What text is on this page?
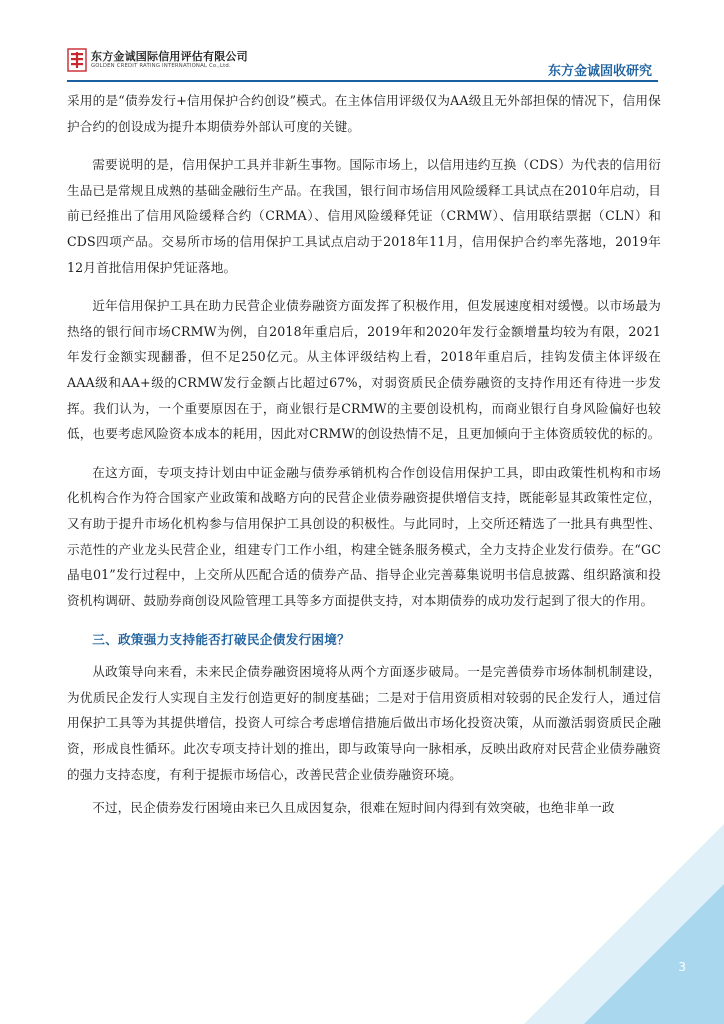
东方金诚国际信用评估有限公司
GOLDEN CREDIT RATING INTERNATIONAL Co.,Ltd.	东方金诚固收研究

采用的是“债券发行+信用保护合约创设”模式。在主体信用评级仅为AA级且无外部担保的情况下，信用保护合约的创设成为提升本期债券外部认可度的关键。

需要说明的是，信用保护工具并非新生事物。国际市场上，以信用违约互换（CDS）为代表的信用衍生品已是常规且成熟的基础金融衍生产品。在我国，银行间市场信用风险缓释工具试点在2010年启动，目前已经推出了信用风险缓释合约（CRMA）、信用风险缓释凭证（CRMW）、信用联结票据（CLN）和CDS四项产品。交易所市场的信用保护工具试点启动于2018年11月，信用保护合约率先落地，2019年12月首批信用保护凭证落地。

近年信用保护工具在助力民营企业债券融资方面发挥了积极作用，但发展速度相对缓慢。以市场最为热络的银行间市场CRMW为例，自2018年重启后，2019年和2020年发行金额增量均较为有限，2021年发行金额实现翻番，但不足250亿元。从主体评级结构上看，2018年重启后，挂钩发债主体评级在AAA级和AA+级的CRMW发行金额占比超过67%，对弱资质民企债券融资的支持作用还有待进一步发挥。我们认为，一个重要原因在于，商业银行是CRMW的主要创设机构，而商业银行自身风险偏好也较低，也要考虑风险资本成本的耗用，因此对CRMW的创设热情不足，且更加倾向于主体资质较优的标的。

在这方面，专项支持计划由中证金融与债券承销机构合作创设信用保护工具，即由政策性机构和市场化机构合作为符合国家产业政策和战略方向的民营企业债券融资提供增信支持，既能彰显其政策性定位，又有助于提升市场化机构参与信用保护工具创设的积极性。与此同时，上交所还精选了一批具有典型性、示范性的产业龙头民营企业，组建专门工作小组，构建全链条服务模式，全力支持企业发行债券。在“GC晶电01”发行过程中，上交所从匹配合适的债券产品、指导企业完善募集说明书信息披露、组织路演和投资机构调研、鼓励券商创设风险管理工具等多方面提供支持，对本期债券的成功发行起到了很大的作用。

三、政策强力支持能否打破民企债发行困境？

从政策导向来看，未来民企债券融资困境将从两个方面逐步破局。一是完善债券市场体制机制建设，为优质民企发行人实现自主发行创造更好的制度基础；二是对于信用资质相对较弱的民企发行人，通过信用保护工具等为其提供增信，投资人可综合考虑增信措施后做出市场化投资决策，从而激活弱资质民企融资，形成良性循环。此次专项支持计划的推出，即与政策导向一脉相承，反映出政府对民营企业债券融资的强力支持态度，有利于提振市场信心，改善民营企业债券融资环境。

不过，民企债券发行困境由来已久且成因复杂，很难在短时间内得到有效突破，也绝非单一政

3
